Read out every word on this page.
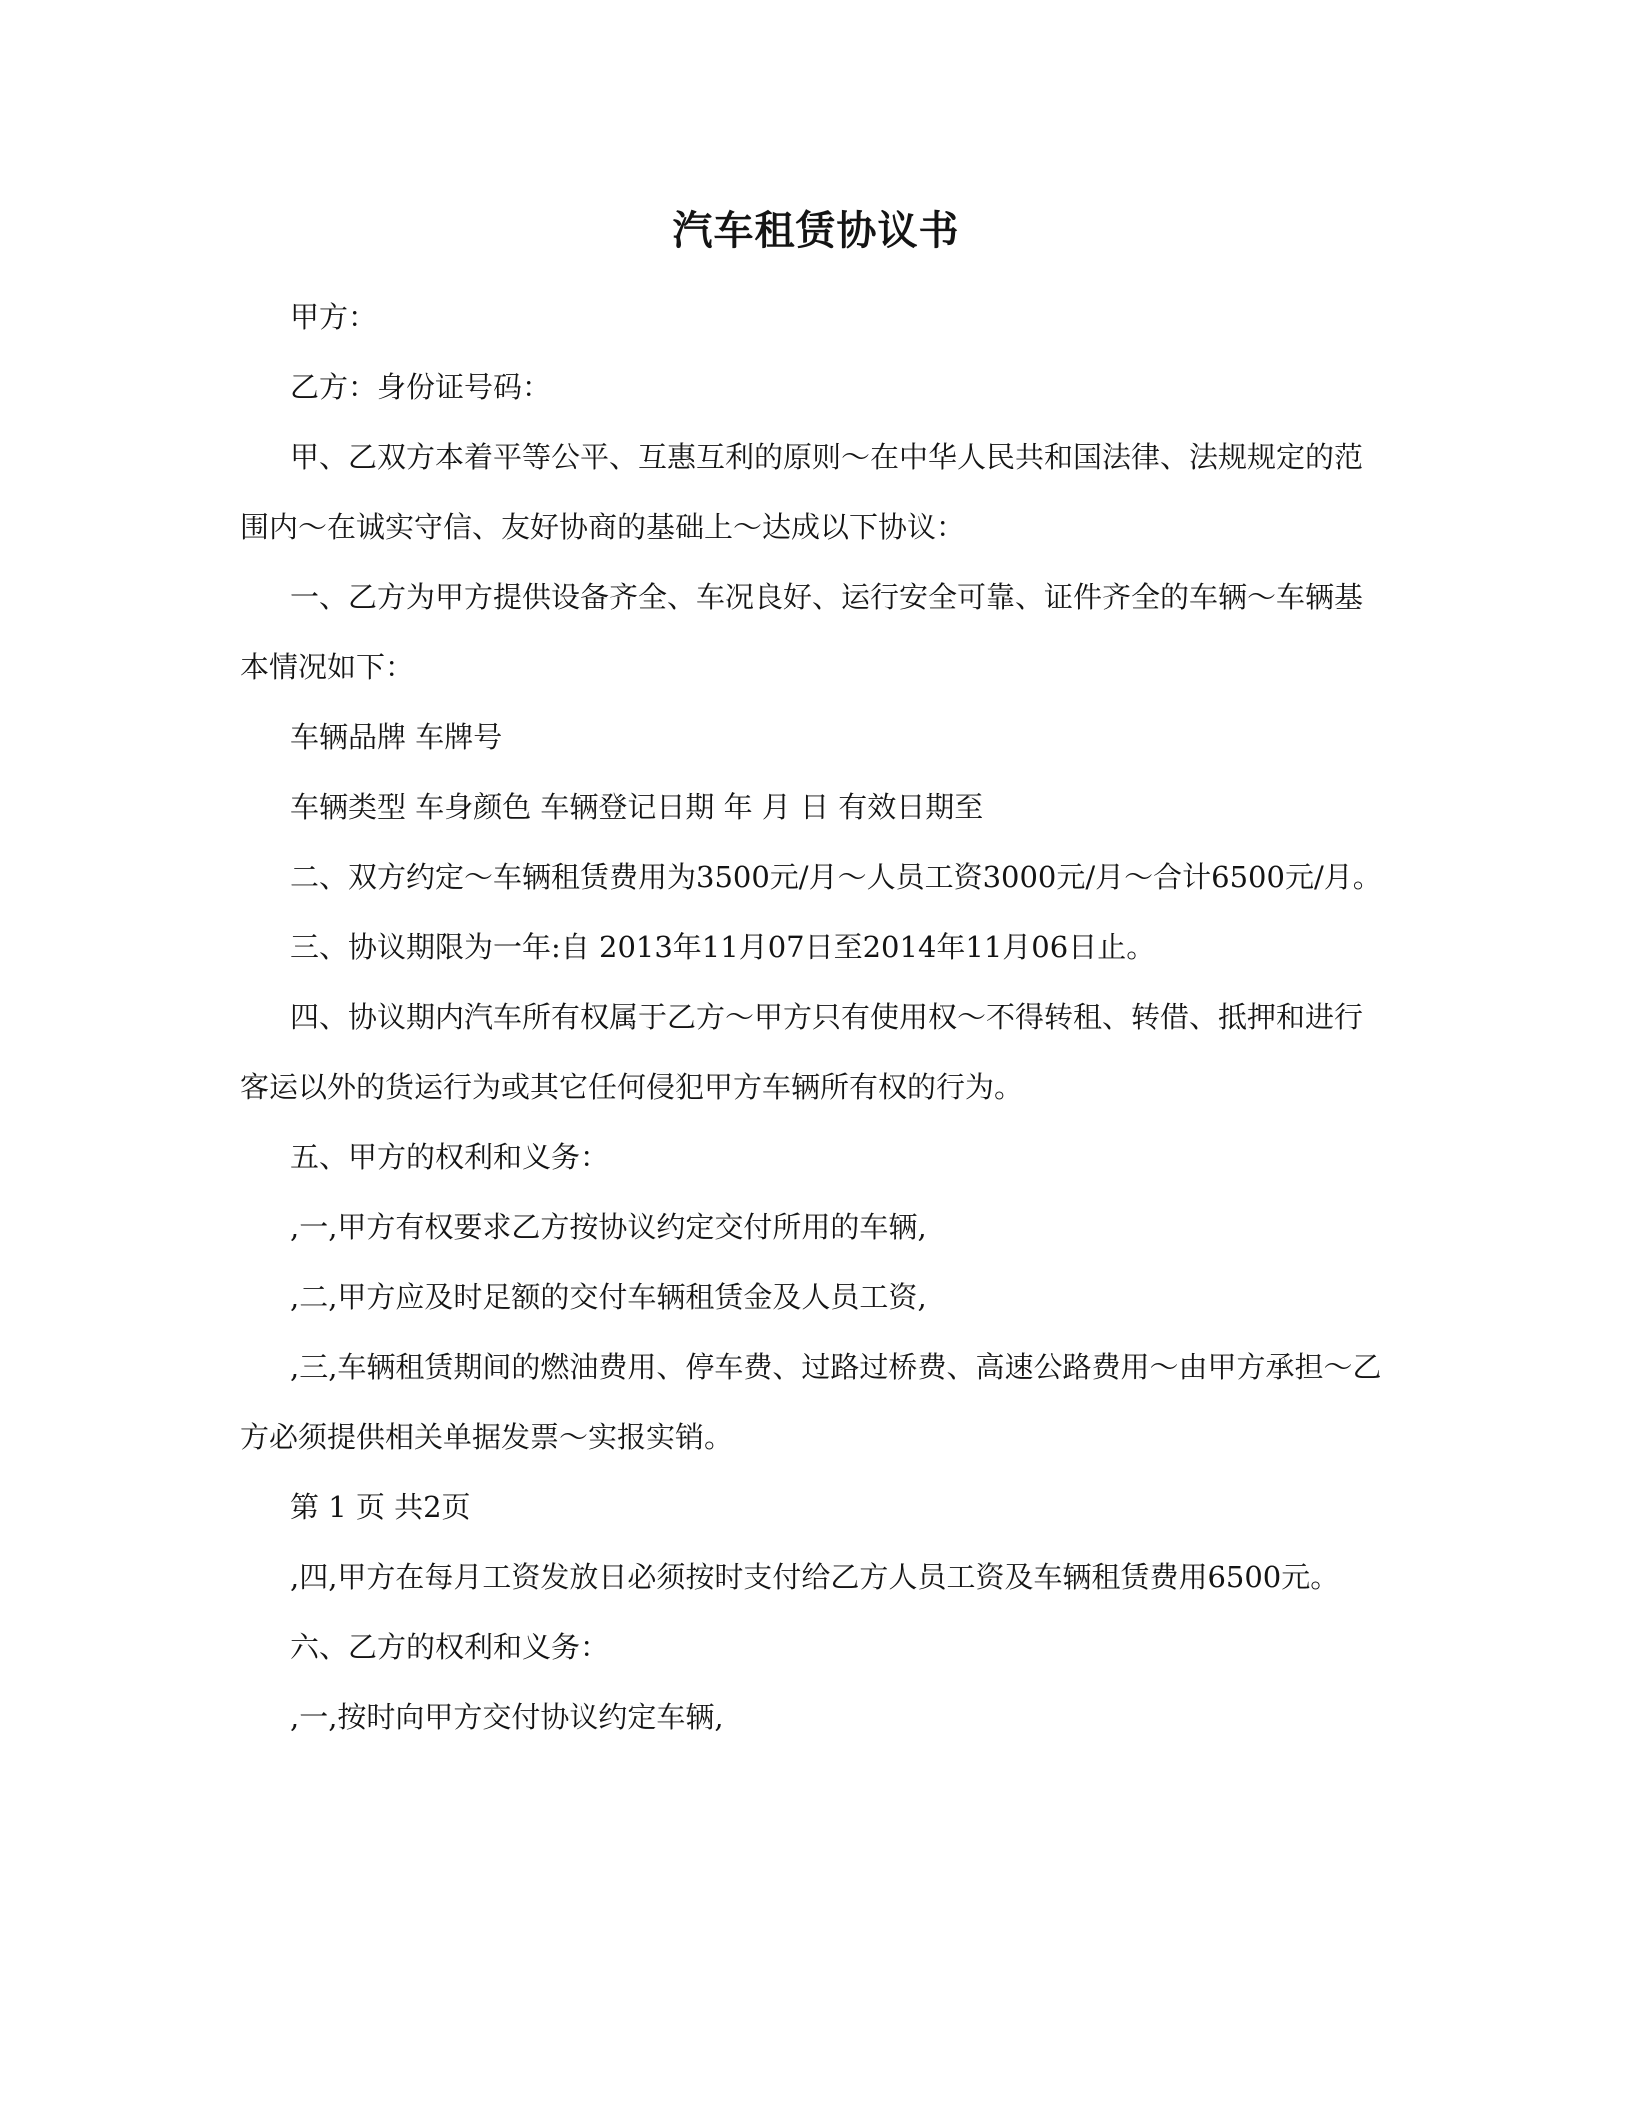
汽车租赁协议书

甲方：

乙方：身份证号码：

甲、乙双方本着平等公平、互惠互利的原则～在中华人民共和国法律、法规规定的范围内～在诚实守信、友好协商的基础上～达成以下协议：

一、乙方为甲方提供设备齐全、车况良好、运行安全可靠、证件齐全的车辆～车辆基本情况如下：

车辆品牌 车牌号

车辆类型 车身颜色 车辆登记日期 年 月 日 有效日期至

二、双方约定～车辆租赁费用为3500元/月～人员工资3000元/月～合计6500元/月。

三、协议期限为一年:自 2013年11月07日至2014年11月06日止。

四、协议期内汽车所有权属于乙方～甲方只有使用权～不得转租、转借、抵押和进行客运以外的货运行为或其它任何侵犯甲方车辆所有权的行为。

五、甲方的权利和义务：

,一,甲方有权要求乙方按协议约定交付所用的车辆,

,二,甲方应及时足额的交付车辆租赁金及人员工资,

,三,车辆租赁期间的燃油费用、停车费、过路过桥费、高速公路费用～由甲方承担～乙方必须提供相关单据发票～实报实销。

第 1 页 共2页

,四,甲方在每月工资发放日必须按时支付给乙方人员工资及车辆租赁费用6500元。

六、乙方的权利和义务：

,一,按时向甲方交付协议约定车辆,
